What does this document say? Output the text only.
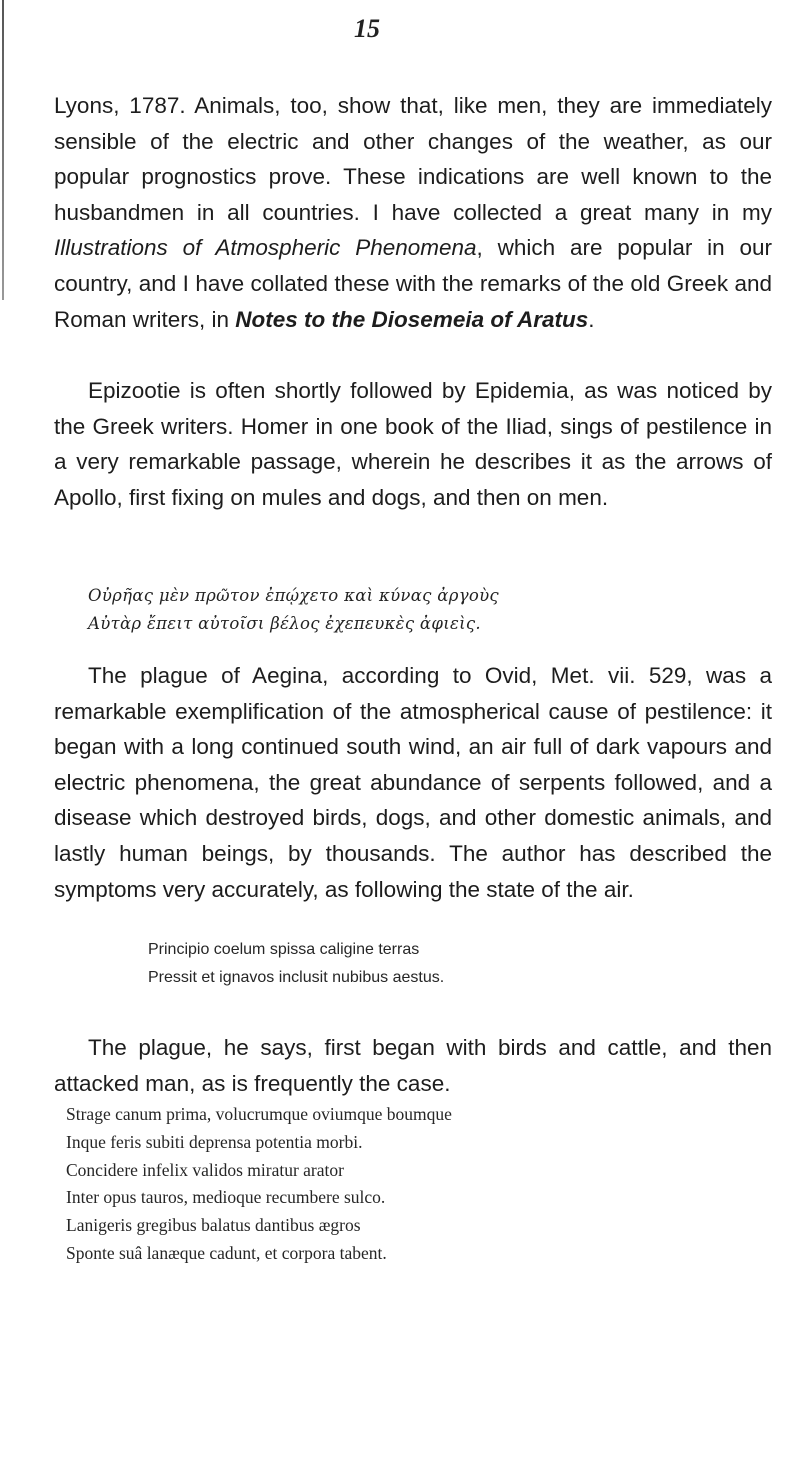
15
Lyons, 1787. Animals, too, show that, like men, they are immediately sensible of the electric and other changes of the weather, as our popular prognostics prove. These indications are well known to the husbandmen in all countries. I have collected a great many in my Illustrations of Atmospheric Phenomena, which are popular in our country, and I have collated these with the remarks of the old Greek and Roman writers, in Notes to the Diosemeia of Aratus.
Epizootie is often shortly followed by Epidemia, as was noticed by the Greek writers. Homer in one book of the Iliad, sings of pestilence in a very remarkable passage, wherein he describes it as the arrows of Apollo, first fixing on mules and dogs, and then on men.
Οὐρῆας μὲν πρῶτον ἐπῴχετο καὶ κύνας ἀργοὺς
Αὐτὰρ ἔπειτ αὐτοῖσι βέλος ἐχεπευκὲς ἀφιεὶς.
The plague of Aegina, according to Ovid, Met. vii. 529, was a remarkable exemplification of the atmospherical cause of pestilence: it began with a long continued south wind, an air full of dark vapours and electric phenomena, the great abundance of serpents followed, and a disease which destroyed birds, dogs, and other domestic animals, and lastly human beings, by thousands. The author has described the symptoms very accurately, as following the state of the air.
Principio coelum spissa caligine terras
Pressit et ignavos inclusit nubibus aestus.
The plague, he says, first began with birds and cattle, and then attacked man, as is frequently the case.
Strage canum prima, volucrumque oviumque boumque
Inque feris subiti deprensa potentia morbi.
Concidere infelix validos miratur arator
Inter opus tauros, medioque recumbere sulco.
Lanigeris gregibus balatus dantibus ægros
Sponte suâ lanæque cadunt, et corpora tabent.
